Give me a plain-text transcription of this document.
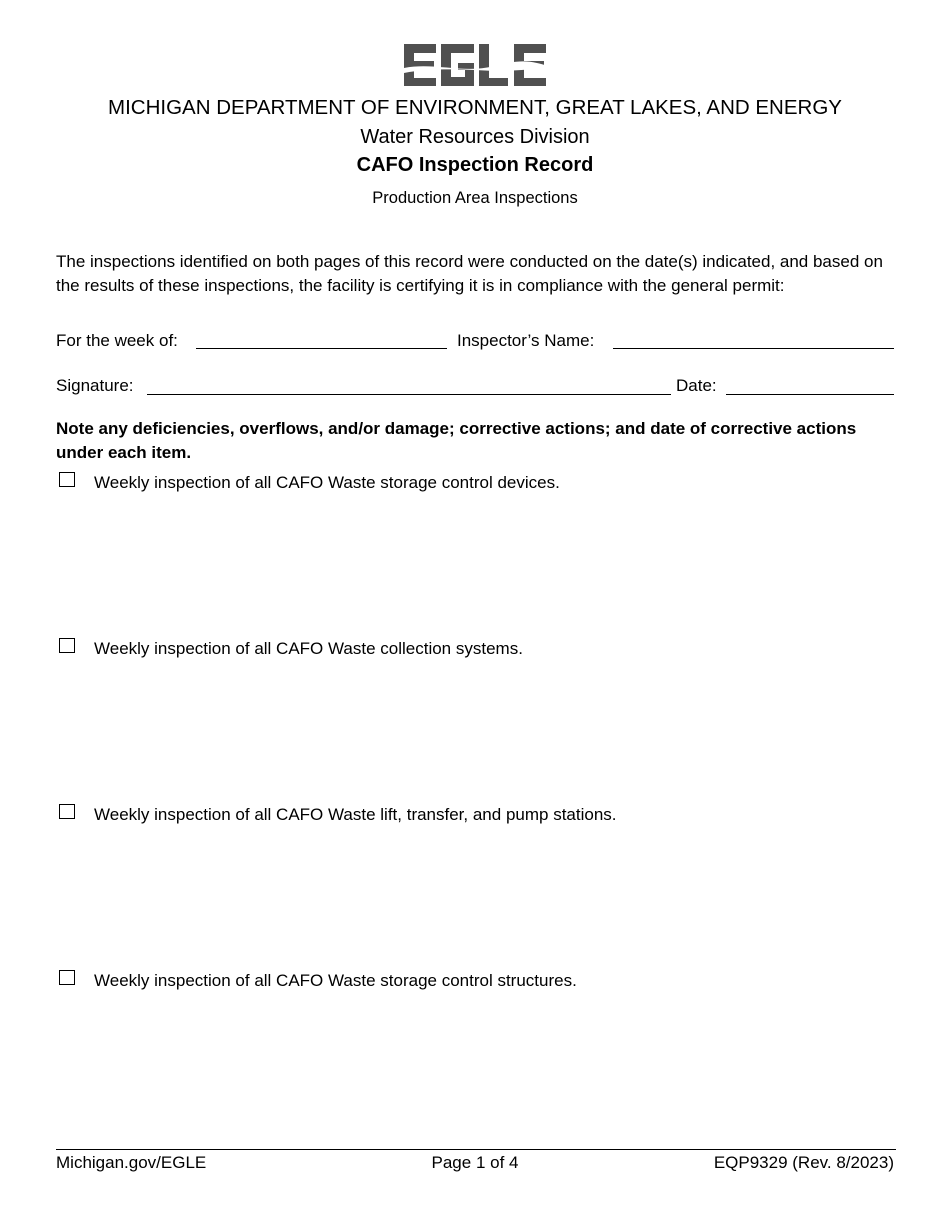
MICHIGAN DEPARTMENT OF ENVIRONMENT, GREAT LAKES, AND ENERGY
Water Resources Division
CAFO Inspection Record
Production Area Inspections
The inspections identified on both pages of this record were conducted on the date(s) indicated, and based on the results of these inspections, the facility is certifying it is in compliance with the general permit:
For the week of:	Inspector’s Name:
Signature:	Date:
Note any deficiencies, overflows, and/or damage; corrective actions; and date of corrective actions under each item.
Weekly inspection of all CAFO Waste storage control devices.
Weekly inspection of all CAFO Waste collection systems.
Weekly inspection of all CAFO Waste lift, transfer, and pump stations.
Weekly inspection of all CAFO Waste storage control structures.
Michigan.gov/EGLE	Page 1 of 4	EQP9329 (Rev. 8/2023)
